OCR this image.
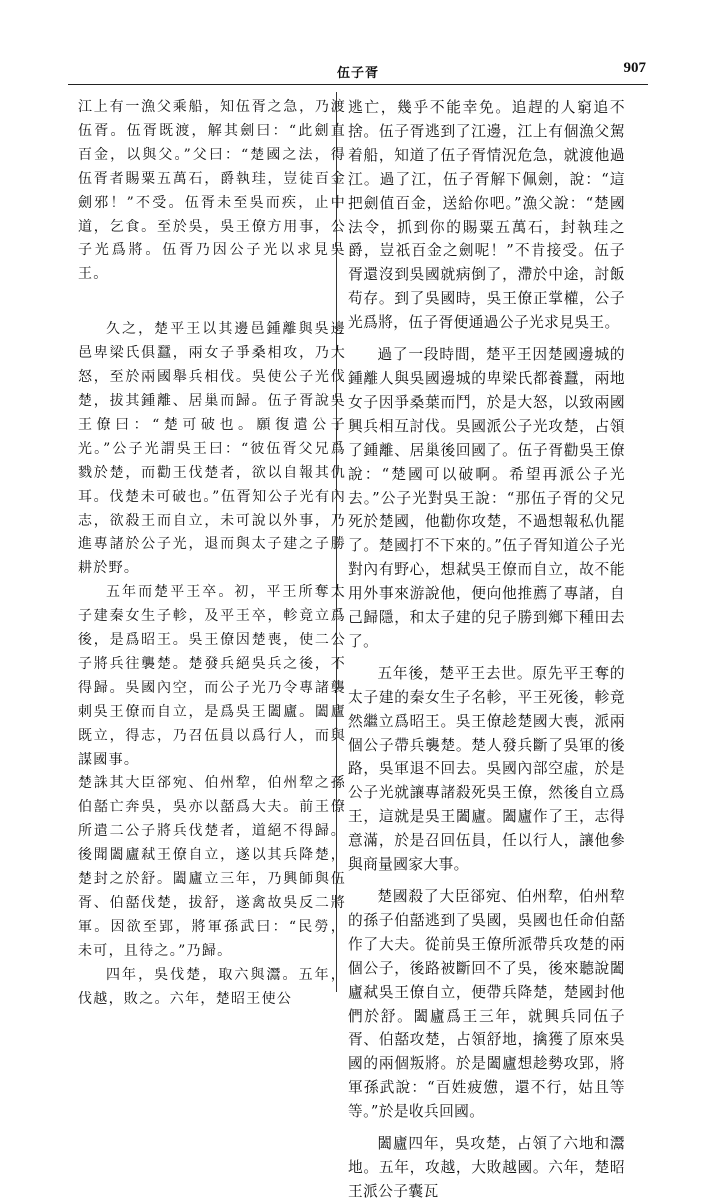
伍子胥	907

江上有一漁父乘船，知伍胥之急，乃渡伍胥。伍胥既渡，解其劍曰：“此劍直百金，以與父。”父曰：“楚國之法，得伍胥者賜粟五萬石，爵執珪，豈徒百金劍邪！”不受。伍胥未至吳而疾，止中道，乞食。至於吳，吳王僚方用事，公子光爲將。伍胥乃因公子光以求見吳王。

久之，楚平王以其邊邑鍾離與吳邊邑卑梁氏俱蠶，兩女子爭桑相攻，乃大怒，至於兩國舉兵相伐。吳使公子光伐楚，拔其鍾離、居巢而歸。伍子胥說吳王僚曰：“楚可破也。願復遣公子光。”公子光謂吳王曰：“彼伍胥父兄爲戮於楚，而勸王伐楚者，欲以自報其仇耳。伐楚未可破也。”伍胥知公子光有內志，欲殺王而自立，未可說以外事，乃進專諸於公子光，退而與太子建之子勝耕於野。

五年而楚平王卒。初，平王所奪太子建秦女生子軫，及平王卒，軫竟立爲後，是爲昭王。吳王僚因楚喪，使二公子將兵往襲楚。楚發兵絕吳兵之後，不得歸。吳國內空，而公子光乃令專諸襲刺吳王僚而自立，是爲吳王闔廬。闔廬既立，得志，乃召伍員以爲行人，而與謀國事。

楚誅其大臣郤宛、伯州犂，伯州犂之孫伯嚭亡奔吳，吳亦以嚭爲大夫。前王僚所遣二公子將兵伐楚者，道絕不得歸。後聞闔廬弒王僚自立，遂以其兵降楚，楚封之於舒。闔廬立三年，乃興師與伍胥、伯嚭伐楚，拔舒，遂禽故吳反二將軍。因欲至郢，將軍孫武曰：“民勞，未可，且待之。”乃歸。

四年，吳伐楚，取六與灊。五年，伐越，敗之。六年，楚昭王使公

逃亡，幾乎不能幸免。追趕的人窮追不捨。伍子胥逃到了江邊，江上有個漁父駕着船，知道了伍子胥情況危急，就渡他過江。過了江，伍子胥解下佩劍，說：“這把劍值百金，送給你吧。”漁父說：“楚國法令，抓到你的賜粟五萬石，封執珪之爵，豈祇百金之劍呢！”不肯接受。伍子胥還沒到吳國就病倒了，滯於中途，討飯苟存。到了吳國時，吳王僚正掌權，公子光爲將，伍子胥便通過公子光求見吳王。

過了一段時間，楚平王因楚國邊城的鍾離人與吳國邊城的卑梁氏都養蠶，兩地女子因爭桑葉而鬥，於是大怒，以致兩國興兵相互討伐。吳國派公子光攻楚，占領了鍾離、居巢後回國了。伍子胥勸吳王僚說：“楚國可以破啊。希望再派公子光去。”公子光對吳王說：“那伍子胥的父兄死於楚國，他勸你攻楚，不過想報私仇罷了。楚國打不下來的。”伍子胥知道公子光對內有野心，想弒吳王僚而自立，故不能用外事來游說他，便向他推薦了專諸，自己歸隱，和太子建的兒子勝到鄉下種田去了。

五年後，楚平王去世。原先平王奪的太子建的秦女生子名軫，平王死後，軫竟然繼立爲昭王。吳王僚趁楚國大喪，派兩個公子帶兵襲楚。楚人發兵斷了吳軍的後路，吳軍退不回去。吳國內部空虛，於是公子光就讓專諸殺死吳王僚，然後自立爲王，這就是吳王闔廬。闔廬作了王，志得意滿，於是召回伍員，任以行人，讓他參與商量國家大事。

楚國殺了大臣郤宛、伯州犂，伯州犂的孫子伯嚭逃到了吳國，吳國也任命伯嚭作了大夫。從前吳王僚所派帶兵攻楚的兩個公子，後路被斷回不了吳，後來聽說闔廬弒吳王僚自立，便帶兵降楚，楚國封他們於舒。闔廬爲王三年，就興兵同伍子胥、伯嚭攻楚，占領舒地，擒獲了原來吳國的兩個叛將。於是闔廬想趁勢攻郢，將軍孫武說：“百姓疲憊，還不行，姑且等等。”於是收兵回國。

闔廬四年，吳攻楚，占領了六地和灊地。五年，攻越，大敗越國。六年，楚昭王派公子囊瓦
